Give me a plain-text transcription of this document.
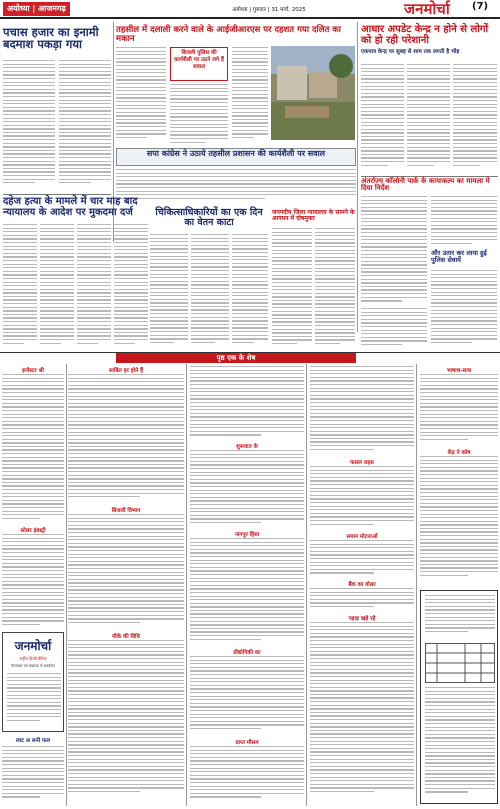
अयोध्या | आजमगढ़	अयोध्या | गुरुवार | 31 मार्च, 2025	जनमोर्चा (7)
पचास हजार का इनामी बदमाश पकड़ा गया
तहसील में दलाली करने वाले के आईजीआरएस पर दहशत गया दलित का मकान
बिजली पुलिस की कार्यशैली पर उठने लगे हैं सवाल
आधार अपडेट केन्द्र न होने से लोगों को हो रही परेशानी
एकमात्र केन्द्र पर सुबह से शाम तक लगती है भीड़
सपा कांग्रेस ने उठाये तहसील प्रशासन की कार्यशैली पर सवाल
दहेज हत्या के मामले में चार माह बाद न्यायालय के आदेश पर मुकदमा दर्ज	चिकित्साधिकारियों का एक दिन का वेतन काटा
जनपदीय जिला न्यायालय के सामने के आगमन में दोषमुक्त
अंतर्राज्य कॉलोनी पार्क के कायाकल्प का मामला मे दिया निर्देश
और उतार कर लाया हुई पुलिस सेवायें
पृष्ठ एक के शेष
इन्वेस्टर श्री
सोलर इंडस्ट्री
जनमोर्चा
राष्ट्रीय हिन्दी दैनिक
फैजाबाद एवं लखनऊ से प्रकाशित
लाट अ सनी फल
साबित हर होने हैं
बिजली विभाग
मौके की विधि
शुरूवात के
नागपुर हिंसा
प्रौद्योगिकी का
प्राप्त मौसम
फसल राइस
समान मोटनाओं
बैंक का वोलर
पहाड़ खड़े रहे
भाषाथ-साथ
केंद्र ने कोष
